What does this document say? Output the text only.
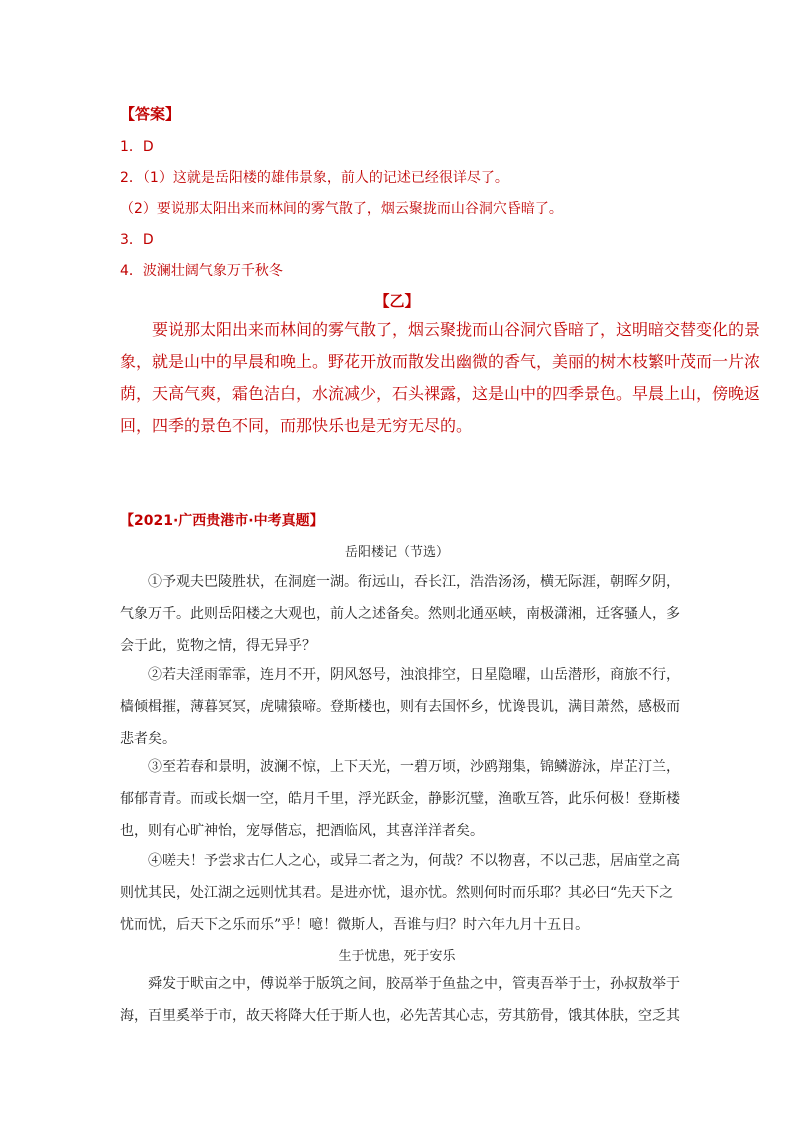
【答案】
1．D
2．（1）这就是岳阳楼的雄伟景象，前人的记述已经很详尽了。
（2）要说那太阳出来而林间的雾气散了，烟云聚拢而山谷洞穴昏暗了。
3．D
4．波澜壮阔气象万千秋冬
【乙】

要说那太阳出来而林间的雾气散了，烟云聚拢而山谷洞穴昏暗了，这明暗交替变化的景
象，就是山中的早晨和晚上。野花开放而散发出幽微的香气，美丽的树木枝繁叶茂而一片浓
荫，天高气爽，霜色洁白，水流减少，石头裸露，这是山中的四季景色。早晨上山，傍晚返
回，四季的景色不同，而那快乐也是无穷无尽的。

【2021·广西贵港市·中考真题】
岳阳楼记（节选）
①予观夫巴陵胜状，在洞庭一湖。衔远山，吞长江，浩浩汤汤，横无际涯，朝晖夕阴，
气象万千。此则岳阳楼之大观也，前人之述备矣。然则北通巫峡，南极潇湘，迁客骚人，多
会于此，览物之情，得无异乎？
②若夫淫雨霏霏，连月不开，阴风怒号，浊浪排空，日星隐曜，山岳潜形，商旅不行，
樯倾楫摧，薄暮冥冥，虎啸猿啼。登斯楼也，则有去国怀乡，忧谗畏讥，满目萧然，感极而
悲者矣。
③至若春和景明，波澜不惊，上下天光，一碧万顷，沙鸥翔集，锦鳞游泳，岸芷汀兰，
郁郁青青。而或长烟一空，皓月千里，浮光跃金，静影沉璧，渔歌互答，此乐何极！登斯楼
也，则有心旷神怡，宠辱偕忘，把酒临风，其喜洋洋者矣。
④嗟夫！予尝求古仁人之心，或异二者之为，何哉？不以物喜，不以己悲，居庙堂之高
则忧其民，处江湖之远则忧其君。是进亦忧，退亦忧。然则何时而乐耶？其必曰“先天下之
忧而忧，后天下之乐而乐”乎！噫！微斯人，吾谁与归？时六年九月十五日。
生于忧患，死于安乐
舜发于畎亩之中，傅说举于版筑之间，胶鬲举于鱼盐之中，管夷吾举于士，孙叔敖举于
海，百里奚举于市，故天将降大任于斯人也，必先苦其心志，劳其筋骨，饿其体肤，空乏其
